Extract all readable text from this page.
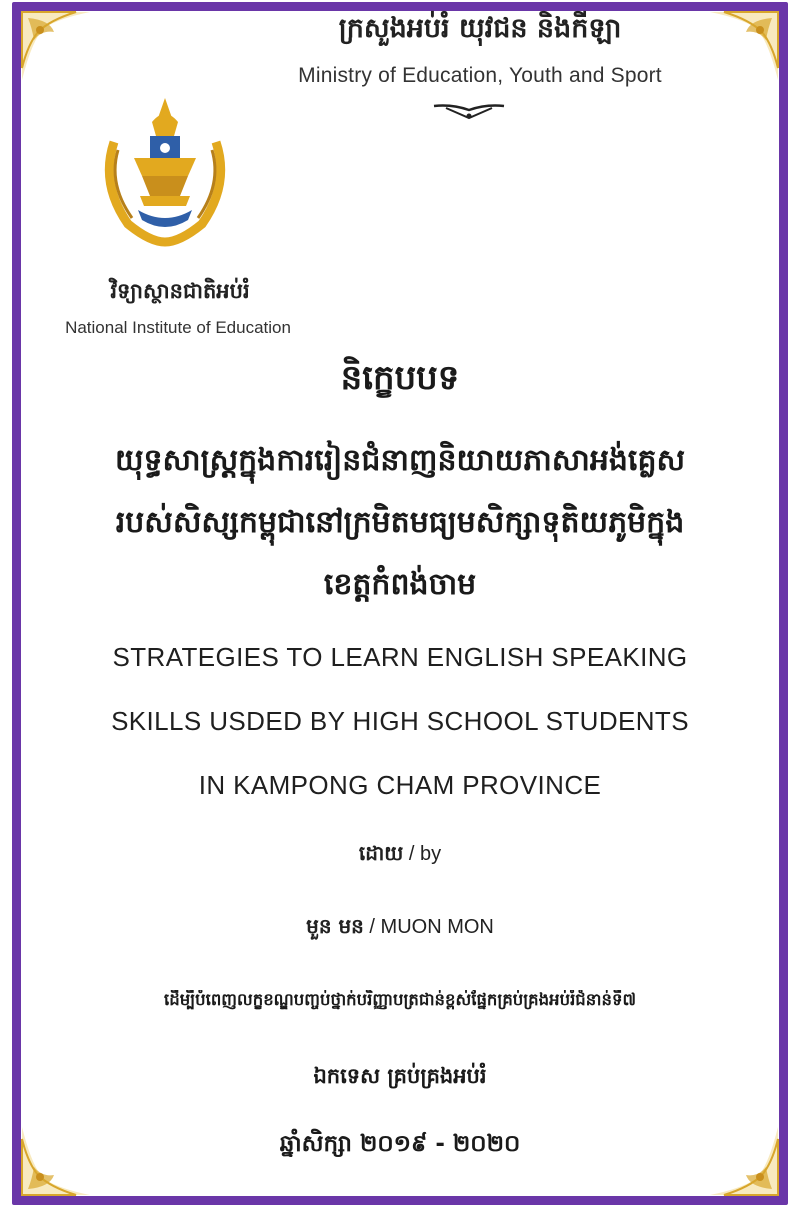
ក្រសួងអប់រំ យុវជន និងកីឡា
Ministry of Education, Youth and Sport
វិទ្យាស្ថានជាតិអប់រំ
National Institute of Education
និក្ខេបបទ
យុទ្ធសាស្ត្រក្នុងការរៀនជំនាញនិយាយភាសាអង់គ្លេស
របស់សិស្សកម្ពុជានៅក្រមិតមធ្យមសិក្សាទុតិយភូមិក្នុង
ខេត្តកំពង់ចាម
STRATEGIES TO LEARN ENGLISH SPEAKING
SKILLS USDED BY HIGH SCHOOL STUDENTS
IN KAMPONG CHAM PROVINCE
ដោយ / by
មួន មន / MUON MON
ដើម្បីបំពេញលក្ខខណ្ឌបញ្ចប់ថ្នាក់បរិញ្ញាបត្រជាន់ខ្ពស់ផ្នែកគ្រប់គ្រងអប់រំជំនាន់ទី៧
ឯកទេស គ្រប់គ្រងអប់រំ
ឆ្នាំសិក្សា ២០១៩ - ២០២០
